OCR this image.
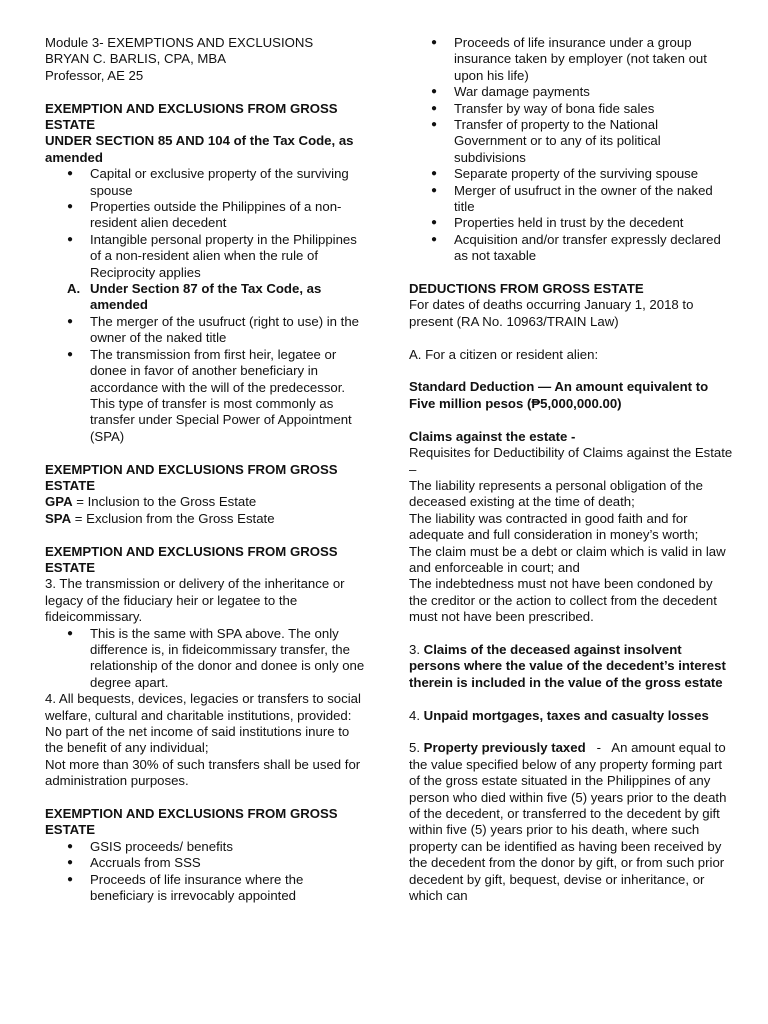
Module 3- EXEMPTIONS AND EXCLUSIONS

BRYAN C. BARLIS, CPA, MBA

Professor, AE 25

EXEMPTION AND EXCLUSIONS FROM GROSS ESTATE

UNDER SECTION 85 AND 104 of the Tax Code, as amended

● Capital or exclusive property of the surviving spouse
● Properties outside the Philippines of a non-resident alien decedent
● Intangible personal property in the Philippines of a non-resident alien when the rule of Reciprocity applies
A. Under Section 87 of the Tax Code, as amended
● The merger of the usufruct (right to use) in the owner of the naked title
● The transmission from first heir, legatee or donee in favor of another beneficiary in accordance with the will of the predecessor. This type of transfer is most commonly as transfer under Special Power of Appointment (SPA)

EXEMPTION AND EXCLUSIONS FROM GROSS ESTATE

GPA = Inclusion to the Gross Estate

SPA = Exclusion from the Gross Estate

EXEMPTION AND EXCLUSIONS FROM GROSS ESTATE

3. The transmission or delivery of the inheritance or legacy of the fiduciary heir or legatee to the fideicommissary.

● This is the same with SPA above. The only difference is, in fideicommissary transfer, the relationship of the donor and donee is only one degree apart.

4. All bequests, devices, legacies or transfers to social welfare, cultural and charitable institutions, provided:

No part of the net income of said institutions inure to the benefit of any individual;

Not more than 30% of such transfers shall be used for administration purposes.

EXEMPTION AND EXCLUSIONS FROM GROSS ESTATE

● GSIS proceeds/ benefits
● Accruals from SSS
● Proceeds of life insurance where the beneficiary is irrevocably appointed
● Proceeds of life insurance under a group insurance taken by employer (not taken out upon his life)
● War damage payments
● Transfer by way of bona fide sales
● Transfer of property to the National Government or to any of its political subdivisions
● Separate property of the surviving spouse
● Merger of usufruct in the owner of the naked title
● Properties held in trust by the decedent
● Acquisition and/or transfer expressly declared as not taxable

DEDUCTIONS FROM GROSS ESTATE

For dates of deaths occurring January 1, 2018 to present (RA No. 10963/TRAIN Law)

A. For a citizen or resident alien:

Standard Deduction — An amount equivalent to Five million pesos (₱5,000,000.00)

Claims against the estate -

Requisites for Deductibility of Claims against the Estate –

The liability represents a personal obligation of the deceased existing at the time of death;

The liability was contracted in good faith and for adequate and full consideration in money’s worth;

The claim must be a debt or claim which is valid in law and enforceable in court; and

The indebtedness must not have been condoned by the creditor or the action to collect from the decedent must not have been prescribed.

3. Claims of the deceased against insolvent persons where the value of the decedent’s interest therein is included in the value of the gross estate

4. Unpaid mortgages, taxes and casualty losses

5. Property previously taxed   -   An amount equal to the value specified below of any property forming part of the gross estate situated in the Philippines of any person who died within five (5) years prior to the death of the decedent, or transferred to the decedent by gift within five (5) years prior to his death, where such property can be identified as having been received by the decedent from the donor by gift, or from such prior decedent by gift, bequest, devise or inheritance, or which can
